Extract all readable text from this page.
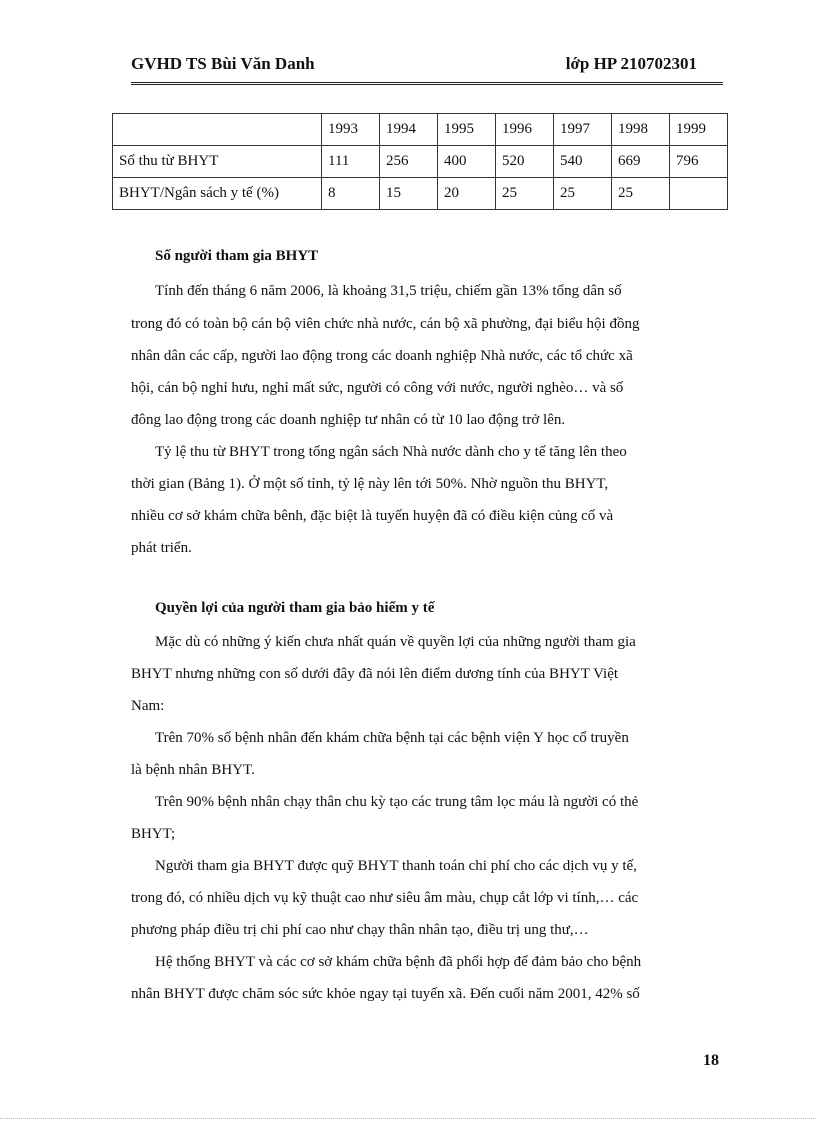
GVHD TS Bùi Văn Danh	lớp HP 210702301
	1993	1994	1995	1996	1997	1998	1999
Số thu từ BHYT	111	256	400	520	540	669	796
BHYT/Ngân sách y tế (%)	8	15	20	25	25	25	
Số người tham gia BHYT
Tính đến tháng 6 năm 2006, là khoảng 31,5 triệu, chiếm gần 13% tổng dân số
trong đó có toàn bộ cán bộ viên chức nhà nước, cán bộ xã phường, đại biểu hội đồng
nhân dân các cấp, người lao động trong các doanh nghiệp Nhà nước, các tổ chức xã
hội, cán bộ nghỉ hưu, nghỉ mất sức, người có công với nước, người nghèo… và số
đông lao động trong các doanh nghiệp tư nhân có từ 10 lao động trở lên.
Tỷ lệ thu từ BHYT trong tổng ngân sách Nhà nước dành cho y tế tăng lên theo
thời gian (Bảng 1). Ở một số tỉnh, tỷ lệ này lên tới 50%. Nhờ nguồn thu BHYT,
nhiều cơ sở khám chữa bênh, đặc biệt là tuyến huyện đã có điều kiện củng cố và
phát triển.
Quyền lợi của người tham gia bảo hiểm y tế
Mặc dù có những ý kiến chưa nhất quán về quyền lợi của những người tham gia
BHYT nhưng những con số dưới đây đã nói lên điểm dương tính của BHYT Việt
Nam:
Trên 70% số bệnh nhân đến khám chữa bệnh tại các bệnh viện Y học cổ truyền
là bệnh nhân BHYT.
Trên 90% bệnh nhân chạy thân chu kỳ tạo các trung tâm lọc máu là người có thẻ
BHYT;
Người tham gia BHYT được quỹ BHYT thanh toán chi phí cho các dịch vụ y tế,
trong đó, có nhiều dịch vụ kỹ thuật cao như siêu âm màu, chụp cắt lớp vi tính,… các
phương pháp điều trị chi phí cao như chạy thân nhân tạo, điều trị ung thư,…
Hệ thống BHYT và các cơ sở khám chữa bệnh đã phối hợp để đảm bảo cho bệnh
nhân BHYT được chăm sóc sức khỏe ngay tại tuyến xã. Đến cuối năm 2001, 42% số
18
